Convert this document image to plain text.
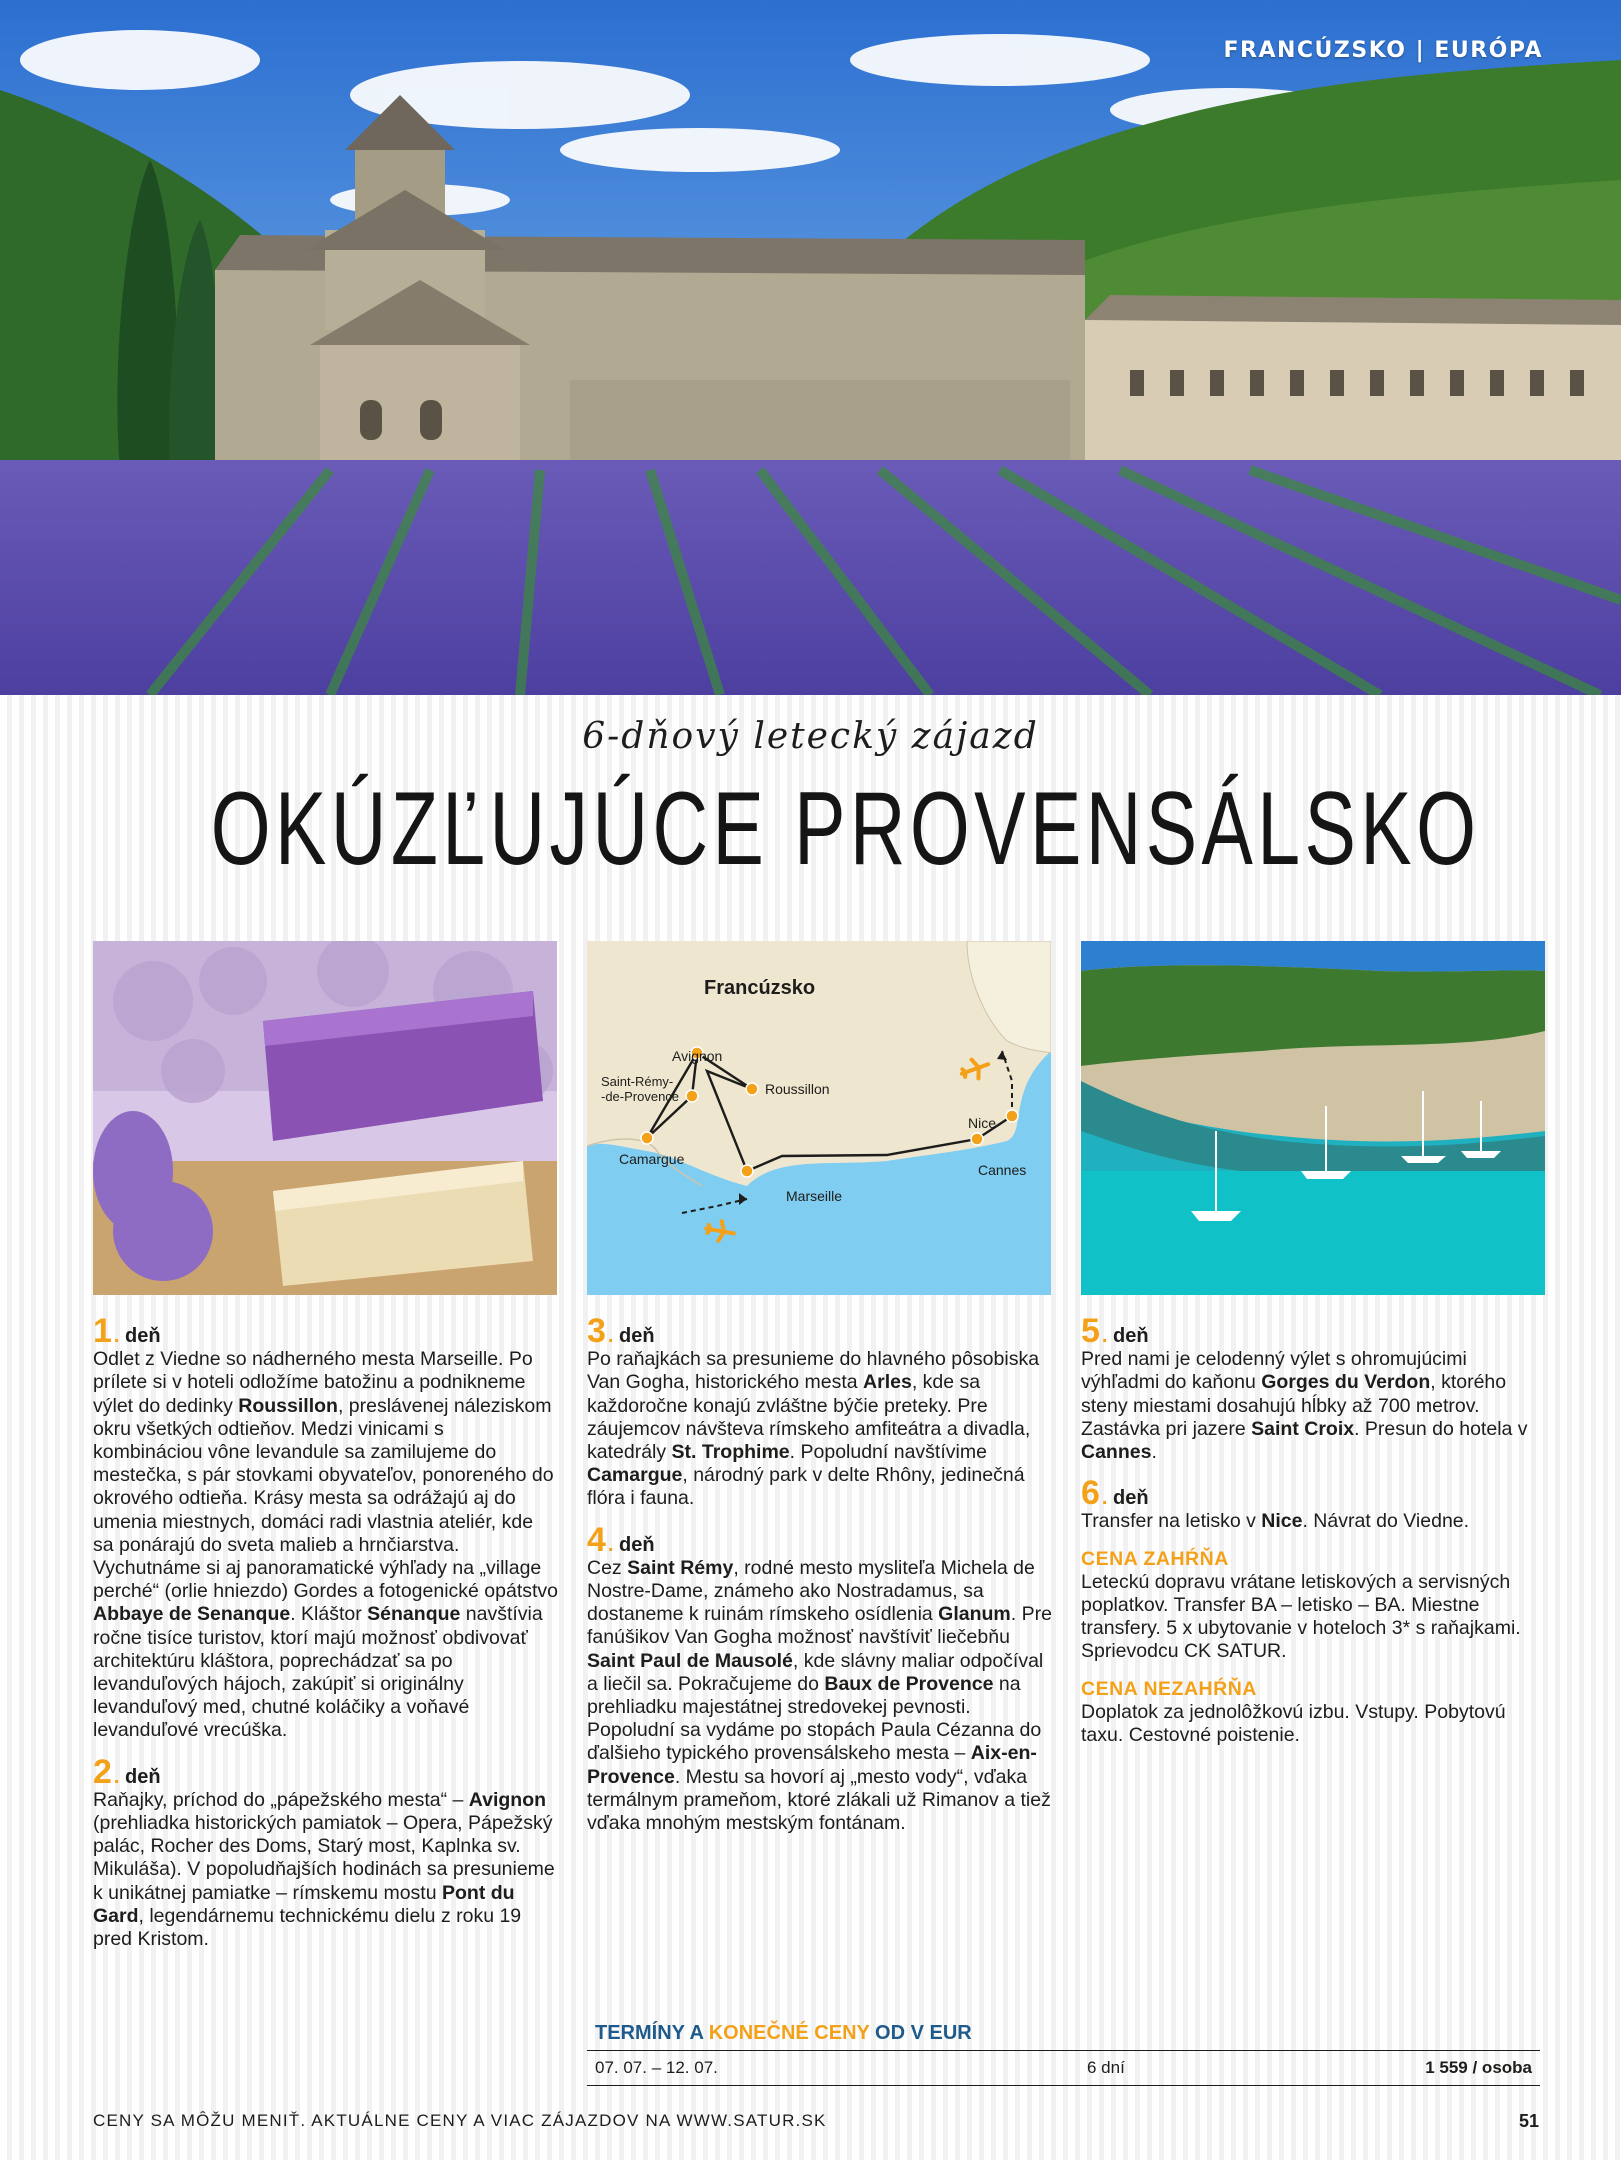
FRANCÚZSKO | EURÓPA
6-dňový letecký zájazd
OKÚZĽUJÚCE PROVENSÁLSKO
Francúzsko
Avignon
Saint-Rémy-
-de-Provence	Roussillon
Camargue
Marseille
Nice
Cannes
1 . deň

Odlet z Viedne so nádherného mesta Marseille. Po prílete si v hoteli odložíme batožinu a podnikneme výlet do dedinky Roussillon, preslávenej náleziskom okru všetkých odtieňov. Medzi vinicami s kombináciou vône levandule sa zamilujeme do mestečka, s pár stovkami obyvateľov, ponoreného do okrového odtieňa. Krásy mesta sa odrážajú aj do umenia miestnych, domáci radi vlastnia ateliér, kde sa ponárajú do sveta malieb a hrnčiarstva. Vychutnáme si aj panoramatické výhľady na „village perché“ (orlie hniezdo) Gordes a fotogenické opátstvo Abbaye de Senanque. Kláštor Sénanque navštívia ročne tisíce turistov, ktorí majú možnosť obdivovať architektúru kláštora, poprechádzať sa po levanduľových hájoch, zakúpiť si originálny levanduľový med, chutné koláčiky a voňavé levanduľové vrecúška.

2 . deň

Raňajky, príchod do „pápežského mesta“ – Avignon (prehliadka historických pamiatok – Opera, Pápežský palác, Rocher des Doms, Starý most, Kaplnka sv. Mikuláša). V popoludňajších hodinách sa presunieme k unikátnej pamiatke – rímskemu mostu Pont du Gard, legendárnemu technickému dielu z roku 19 pred Kristom.

3 . deň

Po raňajkách sa presunieme do hlavného pôsobiska Van Gogha, historického mesta Arles, kde sa každoročne konajú zvláštne býčie preteky. Pre záujemcov návšteva rímskeho amfiteátra a divadla, katedrály St. Trophime. Popoludní navštívime Camargue, národný park v delte Rhôny, jedinečná flóra i fauna.

4 . deň

Cez Saint Rémy, rodné mesto mysliteľa Michela de Nostre-Dame, známeho ako Nostradamus, sa dostaneme k ruinám rímskeho osídlenia Glanum. Pre fanúšikov Van Gogha možnosť navštíviť liečebňu Saint Paul de Mausolé, kde slávny maliar odpočíval a liečil sa. Pokračujeme do Baux de Provence na prehliadku majestátnej stredovekej pevnosti. Popoludní sa vydáme po stopách Paula Cézanna do ďalšieho typického provensálskeho mesta – Aix-en-Provence. Mestu sa hovorí aj „mesto vody“, vďaka termálnym prameňom, ktoré zlákali už Rimanov a tiež vďaka mnohým mestským fontánam.

5 . deň

Pred nami je celodenný výlet s ohromujúcimi výhľadmi do kaňonu Gorges du Verdon, ktorého steny miestami dosahujú hĺbky až 700 metrov. Zastávka pri jazere Saint Croix. Presun do hotela v Cannes.

6 . deň

Transfer na letisko v Nice. Návrat do Viedne.

CENA ZAHŔŇA

Leteckú dopravu vrátane letiskových a servisných poplatkov. Transfer BA – letisko – BA. Miestne transfery. 5 x ubytovanie v hoteloch 3* s raňajkami. Sprievodcu CK SATUR.

CENA NEZAHŔŇA

Doplatok za jednolôžkovú izbu. Vstupy. Pobytovú taxu. Cestovné poistenie.

TERMÍNY A KONEČNÉ CENY OD V EUR
07. 07. – 12. 07.	6 dní	1 559 / osoba
CENY SA MÔŽU MENIŤ. AKTUÁLNE CENY A VIAC ZÁJAZDOV NA WWW.SATUR.SK	51
